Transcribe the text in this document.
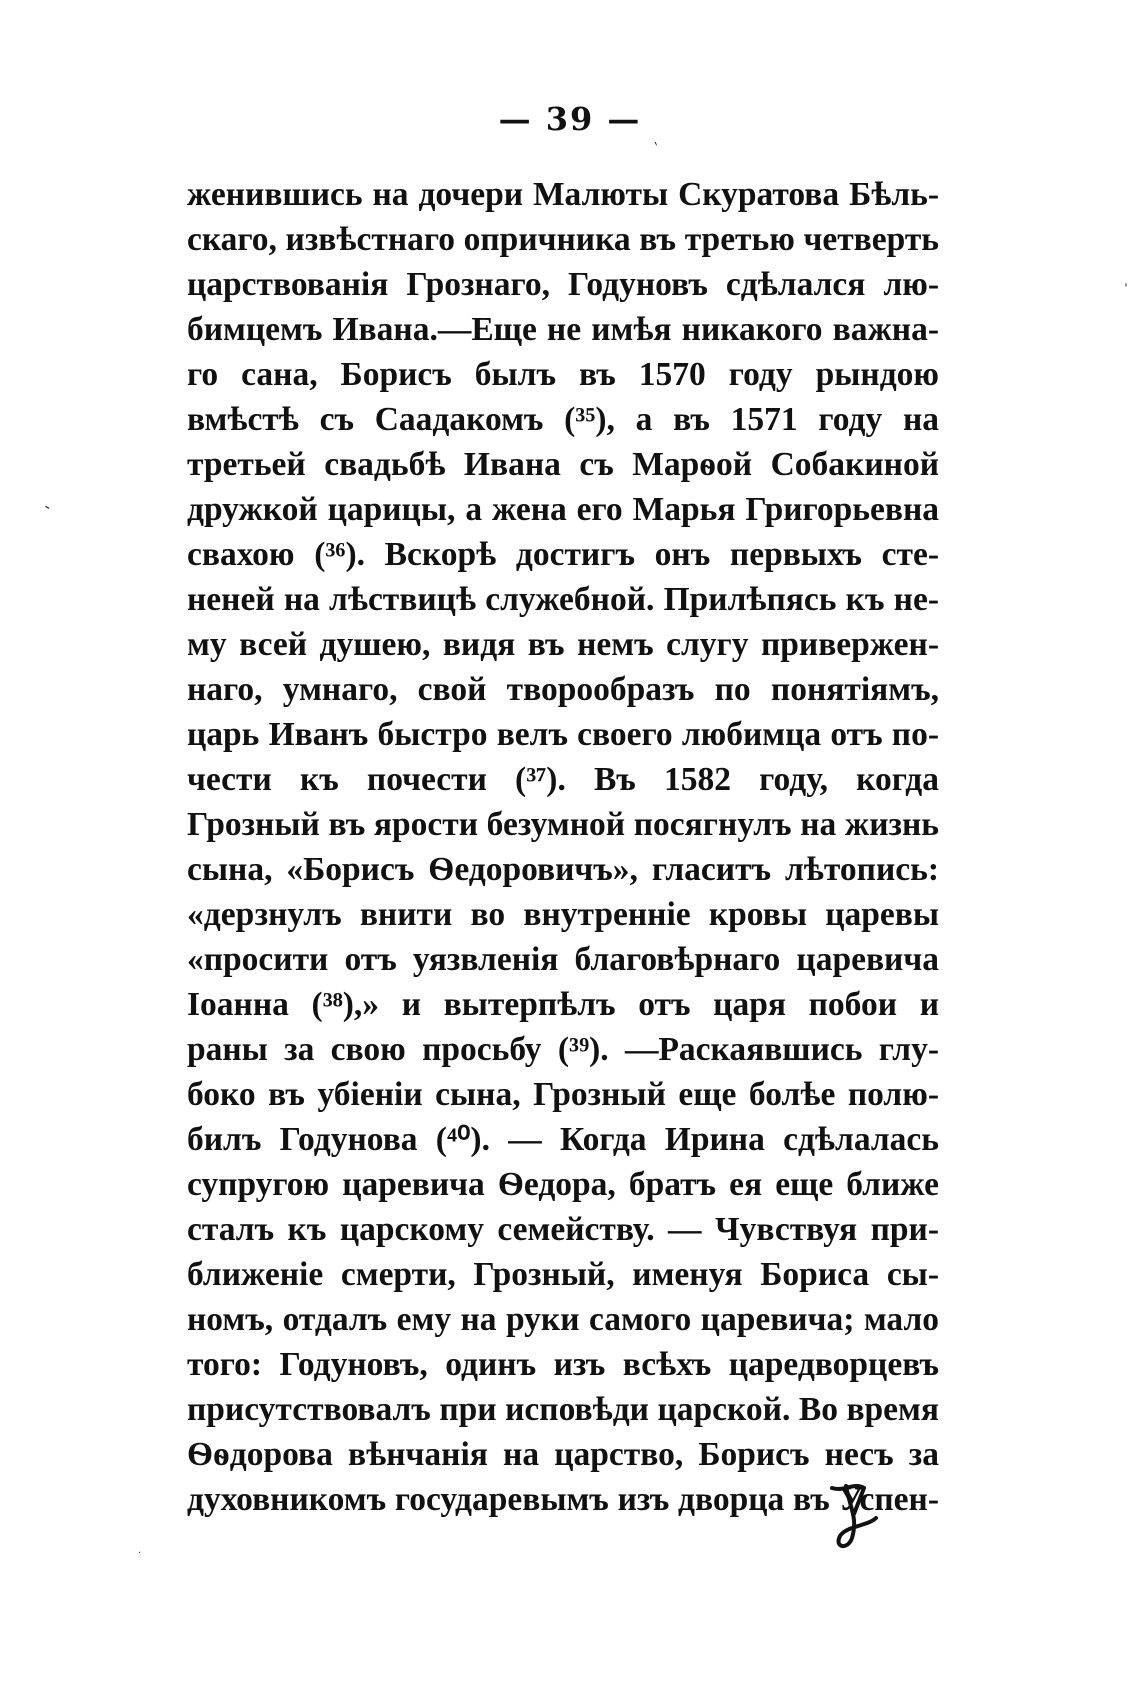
— 39 —
ˋ
ˈ
ˈ
·
женившись на дочери Малюты Скуратова Бѣль-
скаго, извѣстнаго опричника въ третью четверть
царствованія Грознаго, Годуновъ сдѣлался лю-
бимцемъ Ивана.—Еще не имѣя никакого важна-
го сана, Борисъ былъ въ 1570 году рындою
вмѣстѣ съ Саадакомъ (³⁵), а въ 1571 году на
третьей свадьбѣ Ивана съ Марѳой Собакиной
дружкой царицы, а жена его Марья Григорьевна
свахою (³⁶). Вскорѣ достигъ онъ первыхъ сте-
неней на лѣствицѣ служебной. Прилѣпясь къ не-
му всей душею, видя въ немъ слугу привержен-
наго, умнаго, свой творообразъ по понятіямъ,
царь Иванъ быстро велъ своего любимца отъ по-
чести къ почести (³⁷). Въ 1582 году, когда
Грозный въ ярости безумной посягнулъ на жизнь
сына, «Борисъ Ѳедоровичъ», гласитъ лѣтопись:
«дерзнулъ внити во внутренніе кровы царевы
«просити отъ уязвленія благовѣрнаго царевича
Іоанна (³⁸),» и вытерпѣлъ отъ царя побои и
раны за свою просьбу (³⁹). —Раскаявшись глу-
боко въ убіеніи сына, Грозный еще болѣе полю-
билъ Годунова (⁴⁰). — Когда Ирина сдѣлалась
супругою царевича Ѳедора, братъ ея еще ближе
сталъ къ царскому семейству. — Чувствуя при-
ближеніе смерти, Грозный, именуя Бориса сы-
номъ, отдалъ ему на руки самого царевича; мало
того: Годуновъ, одинъ изъ всѣхъ царедворцевъ
присутствовалъ при исповѣди царской. Во время
Ѳѳдорова вѣнчанія на царство, Борисъ несъ за
духовникомъ государевымъ изъ дворца въ Успен-
